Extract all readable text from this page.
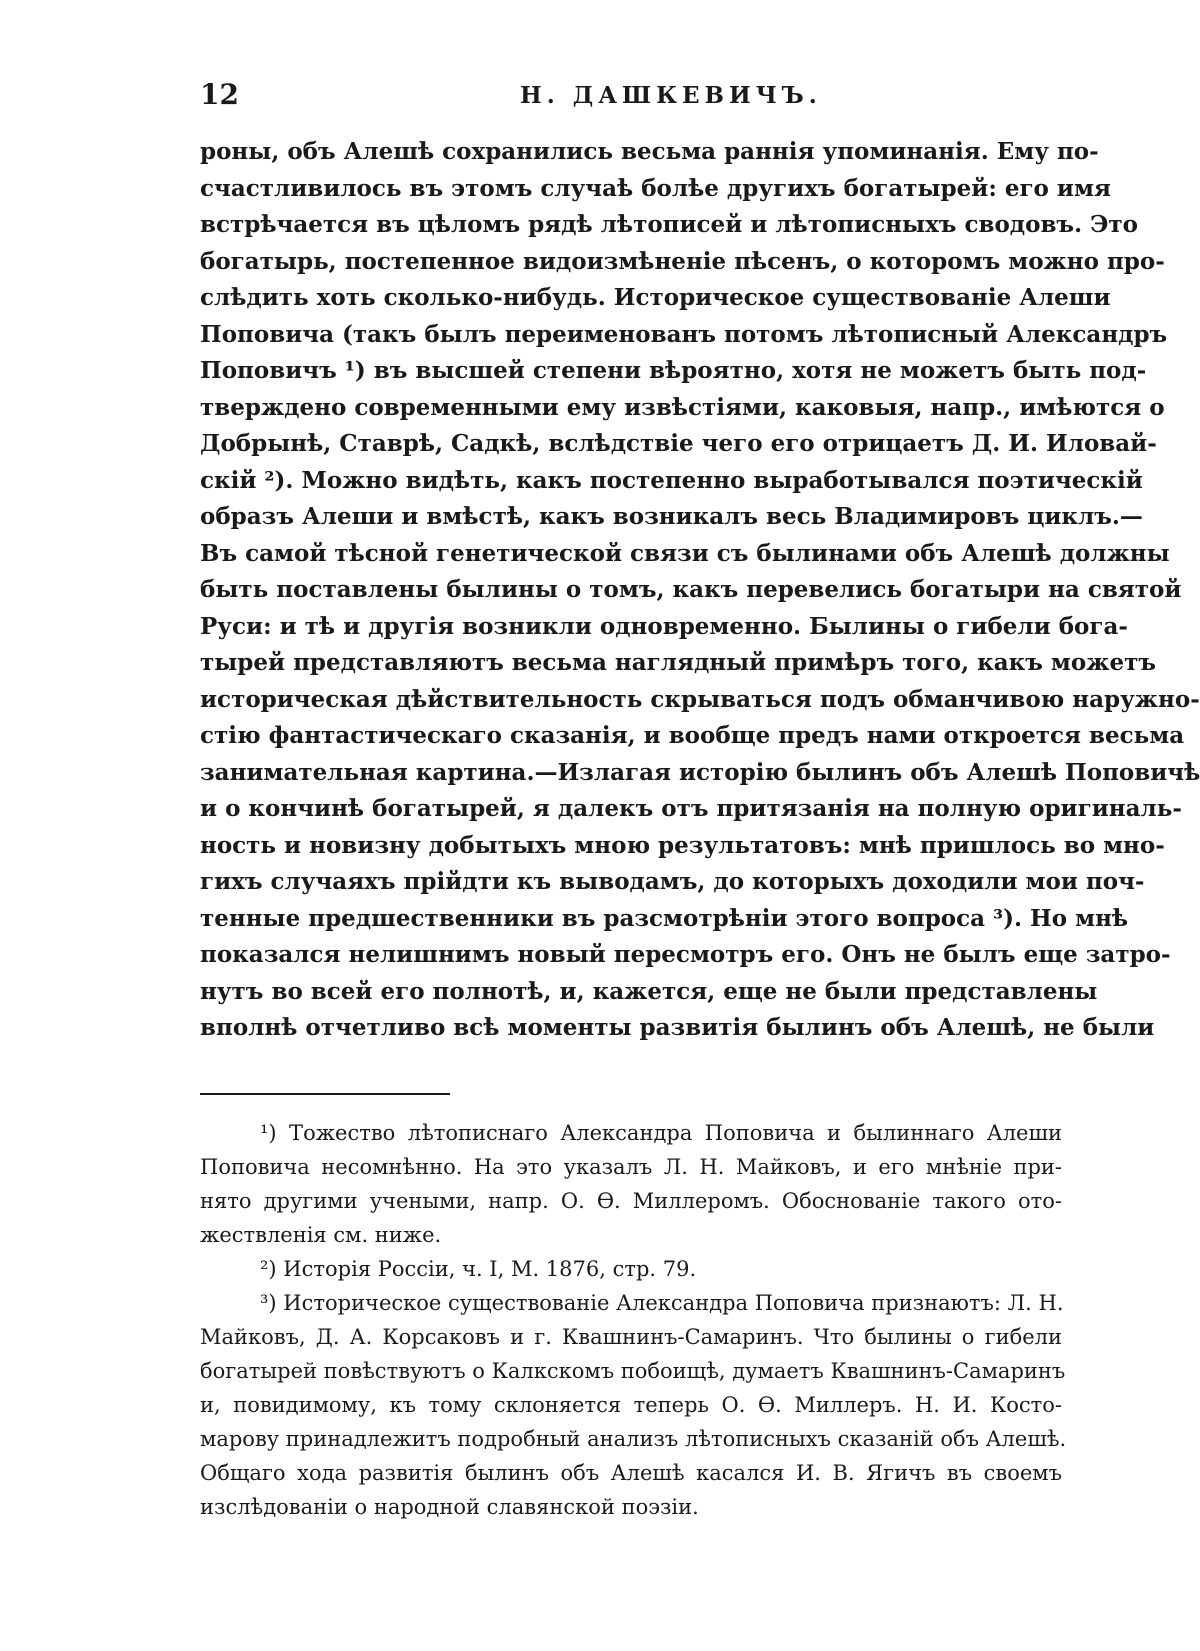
12	Н. ДАШКЕВИЧЪ.
роны, объ Алешѣ сохранились весьма раннія упоминанія. Ему по-
счастливилось въ этомъ случаѣ болѣе другихъ богатырей: его имя
встрѣчается въ цѣломъ рядѣ лѣтописей и лѣтописныхъ сводовъ. Это
богатырь, постепенное видоизмѣненіе пѣсенъ, о которомъ можно про-
слѣдить хоть сколько-нибудь. Историческое существованіе Алеши
Поповича (такъ былъ переименованъ потомъ лѣтописный Александръ
Поповичъ ¹) въ высшей степени вѣроятно, хотя не можетъ быть под-
тверждено современными ему извѣстіями, каковыя, напр., имѣются о
Добрынѣ, Ставрѣ, Садкѣ, вслѣдствіе чего его отрицаетъ Д. И. Иловай-
скій ²). Можно видѣть, какъ постепенно выработывался поэтическій
образъ Алеши и вмѣстѣ, какъ возникалъ весь Владимировъ циклъ.—
Въ самой тѣсной генетической связи съ былинами объ Алешѣ должны
быть поставлены былины о томъ, какъ перевелись богатыри на святой
Руси: и тѣ и другія возникли одновременно. Былины о гибели бога-
тырей представляютъ весьма наглядный примѣръ того, какъ можетъ
историческая дѣйствительность скрываться подъ обманчивою наружно-
стію фантастическаго сказанія, и вообще предъ нами откроется весьма
занимательная картина.—Излагая исторію былинъ объ Алешѣ Поповичѣ
и о кончинѣ богатырей, я далекъ отъ притязанія на полную оригиналь-
ность и новизну добытыхъ мною результатовъ: мнѣ пришлось во мно-
гихъ случаяхъ прійдти къ выводамъ, до которыхъ доходили мои поч-
тенные предшественники въ разсмотрѣніи этого вопроса ³). Но мнѣ
показался нелишнимъ новый пересмотръ его. Онъ не былъ еще затро-
нутъ во всей его полнотѣ, и, кажется, еще не были представлены
вполнѣ отчетливо всѣ моменты развитія былинъ объ Алешѣ, не были
¹) Тожество лѣтописнаго Александра Поповича и былиннаго Алеши
Поповича несомнѣнно. На это указалъ Л. Н. Майковъ, и его мнѣніе при-
нято другими учеными, напр. О. Ѳ. Миллеромъ. Обоснованіе такого ото-
жествленія см. ниже.
²) Исторія Россіи, ч. I, М. 1876, стр. 79.
³) Историческое существованіе Александра Поповича признаютъ: Л. Н.
Майковъ, Д. А. Корсаковъ и г. Квашнинъ-Самаринъ. Что былины о гибели
богатырей повѣствуютъ о Калкскомъ побоищѣ, думаетъ Квашнинъ-Самаринъ
и, повидимому, къ тому склоняется теперь О. Ѳ. Миллеръ. Н. И. Косто-
марову принадлежитъ подробный анализъ лѣтописныхъ сказаній объ Алешѣ.
Общаго хода развитія былинъ объ Алешѣ касался И. В. Ягичъ въ своемъ
изслѣдованіи о народной славянской поэзіи.
